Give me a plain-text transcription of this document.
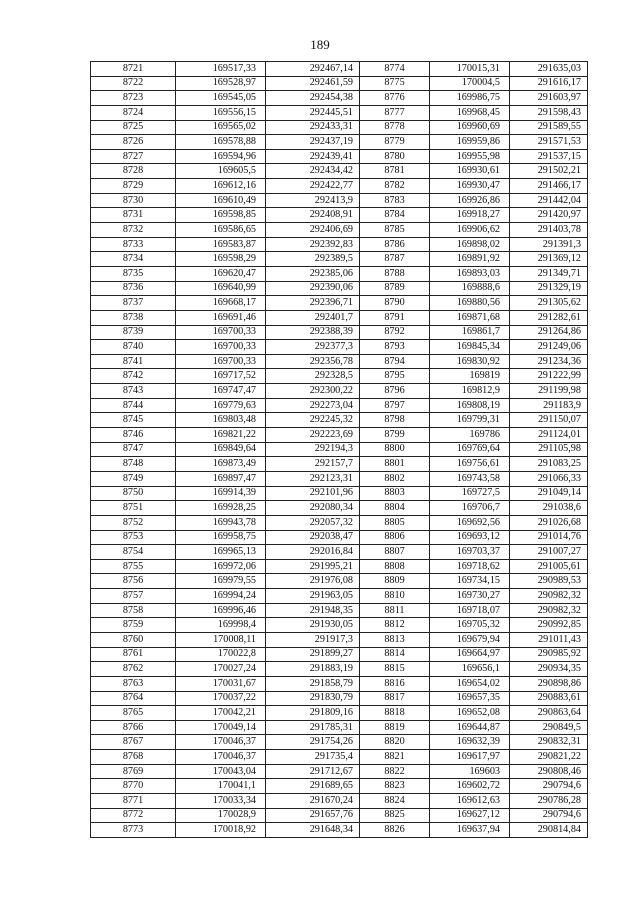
189
8721	169517,33	292467,14	8774	170015,31	291635,03
8722	169528,97	292461,59	8775	170004,5	291616,17
8723	169545,05	292454,38	8776	169986,75	291603,97
8724	169556,15	292445,51	8777	169968,45	291598,43
8725	169565,02	292433,31	8778	169960,69	291589,55
8726	169578,88	292437,19	8779	169959,86	291571,53
8727	169594,96	292439,41	8780	169955,98	291537,15
8728	169605,5	292434,42	8781	169930,61	291502,21
8729	169612,16	292422,77	8782	169930,47	291466,17
8730	169610,49	292413,9	8783	169926,86	291442,04
8731	169598,85	292408,91	8784	169918,27	291420,97
8732	169586,65	292406,69	8785	169906,62	291403,78
8733	169583,87	292392,83	8786	169898,02	291391,3
8734	169598,29	292389,5	8787	169891,92	291369,12
8735	169620,47	292385,06	8788	169893,03	291349,71
8736	169640,99	292390,06	8789	169888,6	291329,19
8737	169668,17	292396,71	8790	169880,56	291305,62
8738	169691,46	292401,7	8791	169871,68	291282,61
8739	169700,33	292388,39	8792	169861,7	291264,86
8740	169700,33	292377,3	8793	169845,34	291249,06
8741	169700,33	292356,78	8794	169830,92	291234,36
8742	169717,52	292328,5	8795	169819	291222,99
8743	169747,47	292300,22	8796	169812,9	291199,98
8744	169779,63	292273,04	8797	169808,19	291183,9
8745	169803,48	292245,32	8798	169799,31	291150,07
8746	169821,22	292223,69	8799	169786	291124,01
8747	169849,64	292194,3	8800	169769,64	291105,98
8748	169873,49	292157,7	8801	169756,61	291083,25
8749	169897,47	292123,31	8802	169743,58	291066,33
8750	169914,39	292101,96	8803	169727,5	291049,14
8751	169928,25	292080,34	8804	169706,7	291038,6
8752	169943,78	292057,32	8805	169692,56	291026,68
8753	169958,75	292038,47	8806	169693,12	291014,76
8754	169965,13	292016,84	8807	169703,37	291007,27
8755	169972,06	291995,21	8808	169718,62	291005,61
8756	169979,55	291976,08	8809	169734,15	290989,53
8757	169994,24	291963,05	8810	169730,27	290982,32
8758	169996,46	291948,35	8811	169718,07	290982,32
8759	169998,4	291930,05	8812	169705,32	290992,85
8760	170008,11	291917,3	8813	169679,94	291011,43
8761	170022,8	291899,27	8814	169664,97	290985,92
8762	170027,24	291883,19	8815	169656,1	290934,35
8763	170031,67	291858,79	8816	169654,02	290898,86
8764	170037,22	291830,79	8817	169657,35	290883,61
8765	170042,21	291809,16	8818	169652,08	290863,64
8766	170049,14	291785,31	8819	169644,87	290849,5
8767	170046,37	291754,26	8820	169632,39	290832,31
8768	170046,37	291735,4	8821	169617,97	290821,22
8769	170043,04	291712,67	8822	169603	290808,46
8770	170041,1	291689,65	8823	169602,72	290794,6
8771	170033,34	291670,24	8824	169612,63	290786,28
8772	170028,9	291657,76	8825	169627,12	290794,6
8773	170018,92	291648,34	8826	169637,94	290814,84
